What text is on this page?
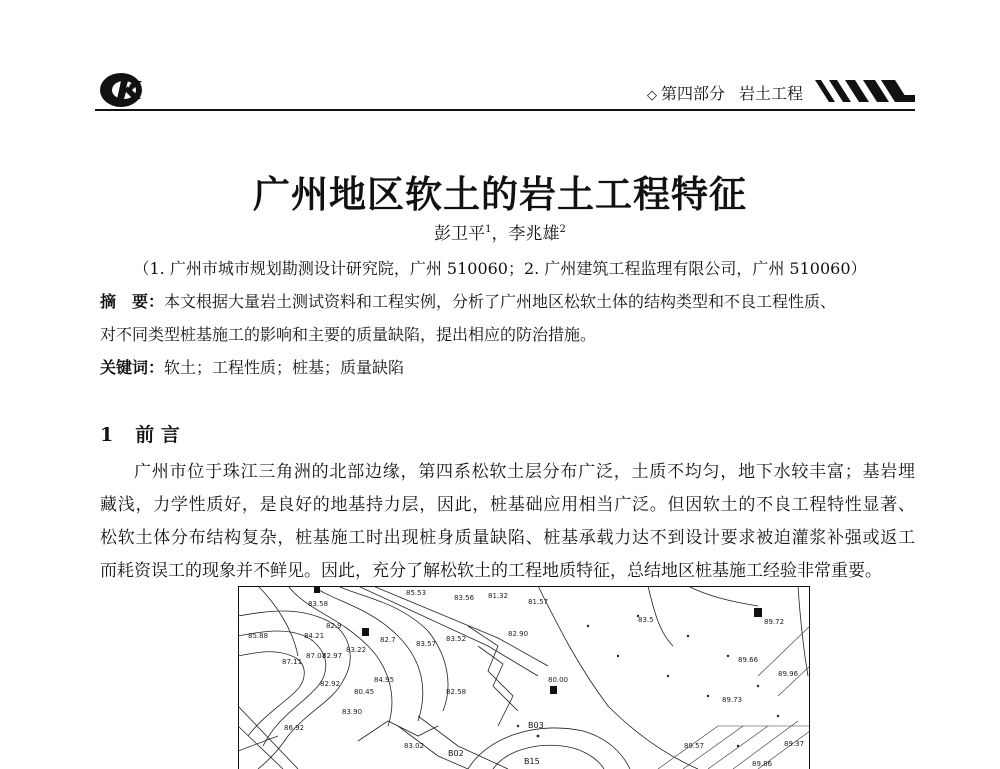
◇ 第四部分 岩土工程
广州地区软土的岩土工程特征
彭卫平$^1$，李兆雄$^2$
（1. 广州市城市规划勘测设计研究院，广州 510060；2. 广州建筑工程监理有限公司，广州 510060）
摘　要：本文根据大量岩土测试资料和工程实例，分析了广州地区松软土体的结构类型和不良工程性质、
对不同类型桩基施工的影响和主要的质量缺陷，提出相应的防治措施。
关键词：软土；工程性质；桩基；质量缺陷
1 前 言
广州市位于珠江三角洲的北部边缘，第四系松软土层分布广泛，土质不均匀，地下水较丰富；基岩埋
藏浅，力学性质好，是良好的地基持力层，因此，桩基础应用相当广泛。但因软土的不良工程特性显著、
松软土体分布结构复杂，桩基施工时出现桩身质量缺陷、桩基承载力达不到设计要求被迫灌浆补强或返工
而耗资误工的现象并不鲜见。因此，充分了解松软土的工程地质特征，总结地区桩基施工经验非常重要。
85.53
83.56 81.32
83.58
82.9
84.21	82.7
83.22
83.57
83.52
82.97
87.11
87.07
82.92	84.95
80.45	82.58
80.00
82.90
81.57
89.86
89.72
89.66
89.73
89.57
89.96
89.37
83.5
86.92
83.90
83.02
85.88
B03
B02
B15
